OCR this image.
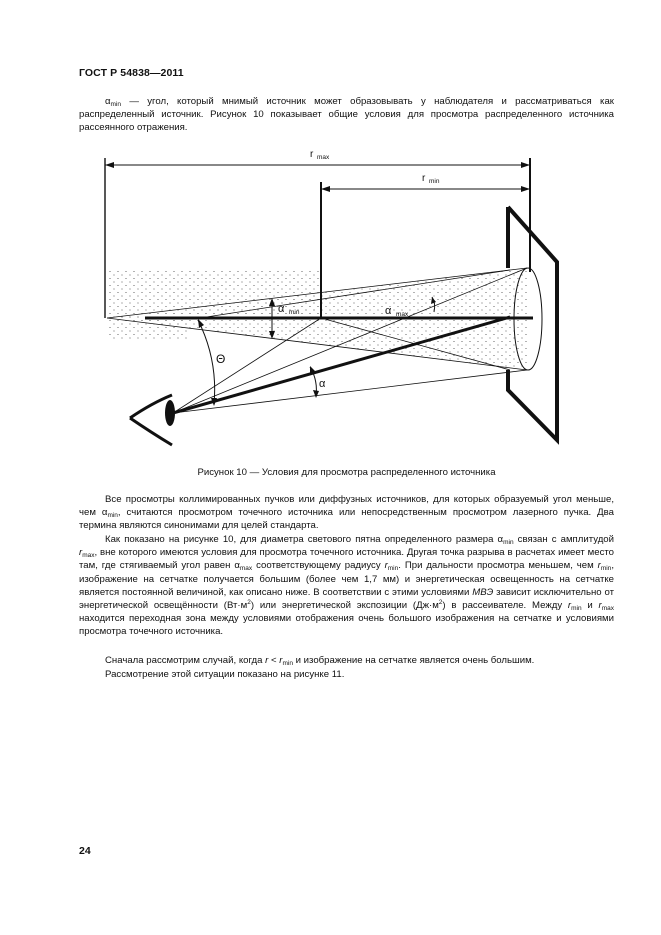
ГОСТ Р 54838—2011

$\alpha_{min}$ — угол, который мнимый источник может образовывать у наблюдателя и рассматриваться как распределенный источник. Рисунок 10 показывает общие условия для просмотра распределенного источника рассеянного отражения.

r max
r min
α min	α max
α
Θ
Рисунок 10 — Условия для просмотра распределенного источника

Все просмотры коллимированных пучков или диффузных источников, для которых образуемый угол меньше, чем $\alpha_{min}$, считаются просмотром точечного источника или непосредственным просмотром лазерного пучка. Два термина являются синонимами для целей стандарта.

Как показано на рисунке 10, для диаметра светового пятна определенного размера $\alpha_{min}$ связан с амплитудой $r_{max}$, вне которого имеются условия для просмотра точечного источника. Другая точка разрыва в расчетах имеет место там, где стягиваемый угол равен $\alpha_{max}$ соответствующему радиусу $r_{min}$. При дальности просмотра меньшем, чем $r_{min}$, изображение на сетчатке получается большим (более чем 1,7 мм) и энергетическая освещенность на сетчатке является постоянной величиной, как описано ниже. В соответствии с этими условиями МВЭ зависит исключительно от энергетической освещённости $(Вт\cdot м^2)$ или энергетической экспозиции $(Дж\cdot м^2)$ в рассеивателе. Между $r_{min}$ и $r_{max}$ находится переходная зона между условиями отображения очень большого изображения на сетчатке и условиями просмотра точечного источника.

Сначала рассмотрим случай, когда $r < r_{min}$ и изображение на сетчатке является очень большим.

Рассмотрение этой ситуации показано на рисунке 11.

24
